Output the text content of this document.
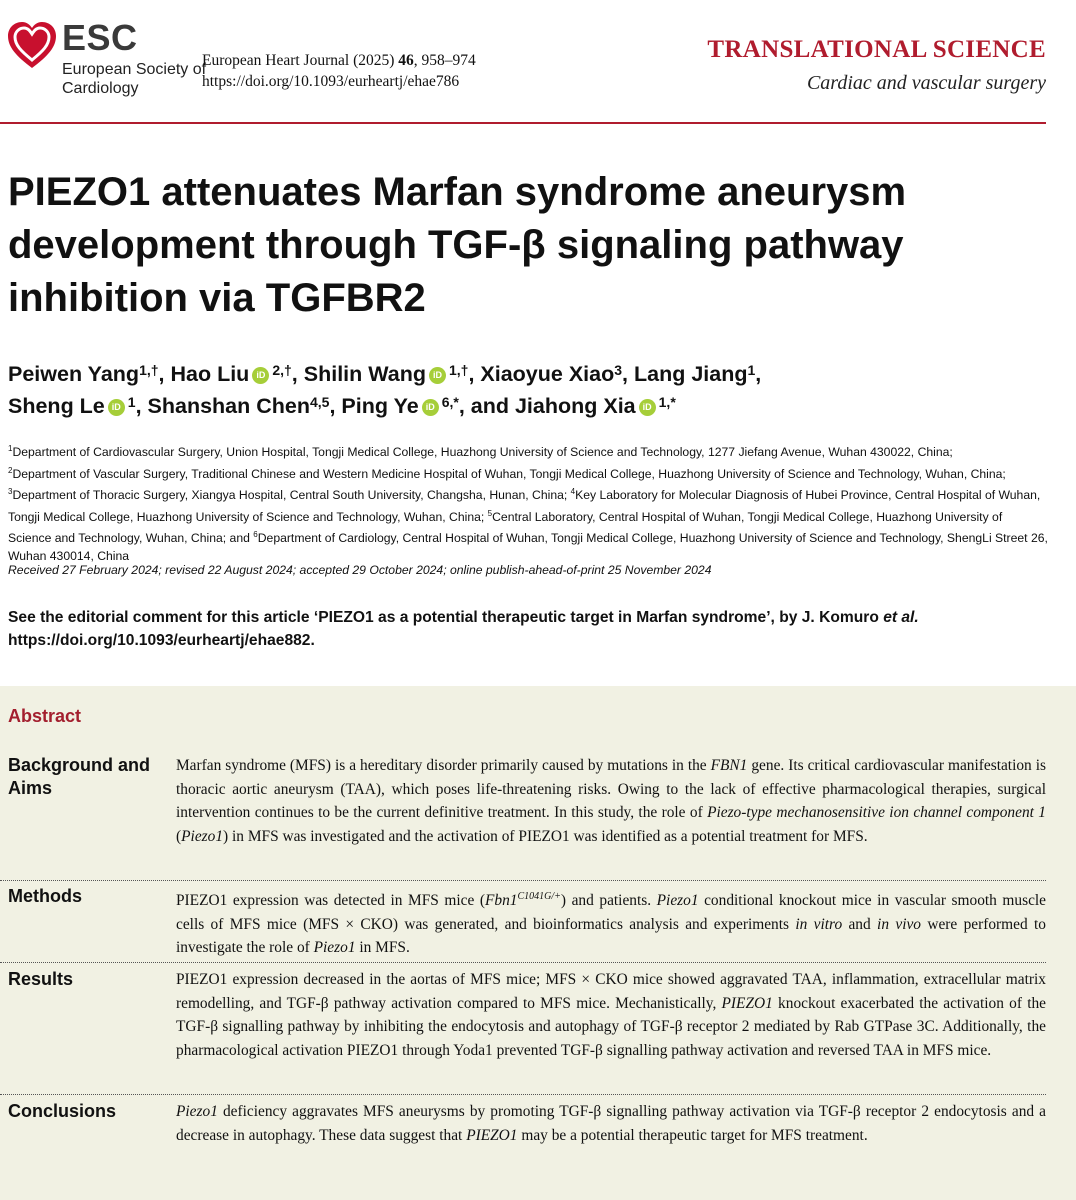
ESC
European Society of Cardiology
European Heart Journal (2025) 46, 958–974
https://doi.org/10.1093/eurheartj/ehae786
TRANSLATIONAL SCIENCE
Cardiac and vascular surgery
PIEZO1 attenuates Marfan syndrome aneurysm development through TGF-β signaling pathway inhibition via TGFBR2
Peiwen Yang$^{1,\dagger}$, Hao Liu iD $^{2,\dagger}$, Shilin Wang iD $^{1,\dagger}$, Xiaoyue Xiao$^3$, Lang Jiang$^1$,
Sheng Le iD $^1$, Shanshan Chen$^{4,5}$, Ping Ye iD $^{6,*}$, and Jiahong Xia iD $^{1,*}$
$^1$Department of Cardiovascular Surgery, Union Hospital, Tongji Medical College, Huazhong University of Science and Technology, 1277 Jiefang Avenue, Wuhan 430022, China;
$^2$Department of Vascular Surgery, Traditional Chinese and Western Medicine Hospital of Wuhan, Tongji Medical College, Huazhong University of Science and Technology, Wuhan, China;
$^3$Department of Thoracic Surgery, Xiangya Hospital, Central South University, Changsha, Hunan, China; $^4$Key Laboratory for Molecular Diagnosis of Hubei Province, Central Hospital of Wuhan, Tongji Medical College, Huazhong University of Science and Technology, Wuhan, China; $^5$Central Laboratory, Central Hospital of Wuhan, Tongji Medical College, Huazhong University of Science and Technology, Wuhan, China; and $^6$Department of Cardiology, Central Hospital of Wuhan, Tongji Medical College, Huazhong University of Science and Technology, ShengLi Street 26, Wuhan 430014, China
Received 27 February 2024; revised 22 August 2024; accepted 29 October 2024; online publish-ahead-of-print 25 November 2024
See the editorial comment for this article ‘PIEZO1 as a potential therapeutic target in Marfan syndrome’, by J. Komuro et al.
https://doi.org/10.1093/eurheartj/ehae882.
Abstract
Background and Aims
Marfan syndrome (MFS) is a hereditary disorder primarily caused by mutations in the FBN1 gene. Its critical cardiovascular manifestation is thoracic aortic aneurysm (TAA), which poses life-threatening risks. Owing to the lack of effective pharmacological therapies, surgical intervention continues to be the current definitive treatment. In this study, the role of Piezo-type mechanosensitive ion channel component 1 (Piezo1) in MFS was investigated and the activation of PIEZO1 was identified as a potential treatment for MFS.
Methods	PIEZO1 expression was detected in MFS mice $(Fbn1^{C1041G/+})$ and patients. Piezo1 conditional knockout mice in vascular smooth muscle cells of MFS mice (MFS × CKO) was generated, and bioinformatics analysis and experiments in vitro and in vivo were performed to investigate the role of Piezo1 in MFS.
Results	PIEZO1 expression decreased in the aortas of MFS mice; MFS × CKO mice showed aggravated TAA, inflammation, extracellular matrix remodelling, and TGF-β pathway activation compared to MFS mice. Mechanistically, PIEZO1 knockout exacerbated the activation of the TGF-β signalling pathway by inhibiting the endocytosis and autophagy of TGF-β receptor 2 mediated by Rab GTPase 3C. Additionally, the pharmacological activation PIEZO1 through Yoda1 prevented TGF-β signalling pathway activation and reversed TAA in MFS mice.
Conclusions	Piezo1 deficiency aggravates MFS aneurysms by promoting TGF-β signalling pathway activation via TGF-β receptor 2 endocytosis and a decrease in autophagy. These data suggest that PIEZO1 may be a potential therapeutic target for MFS treatment.
